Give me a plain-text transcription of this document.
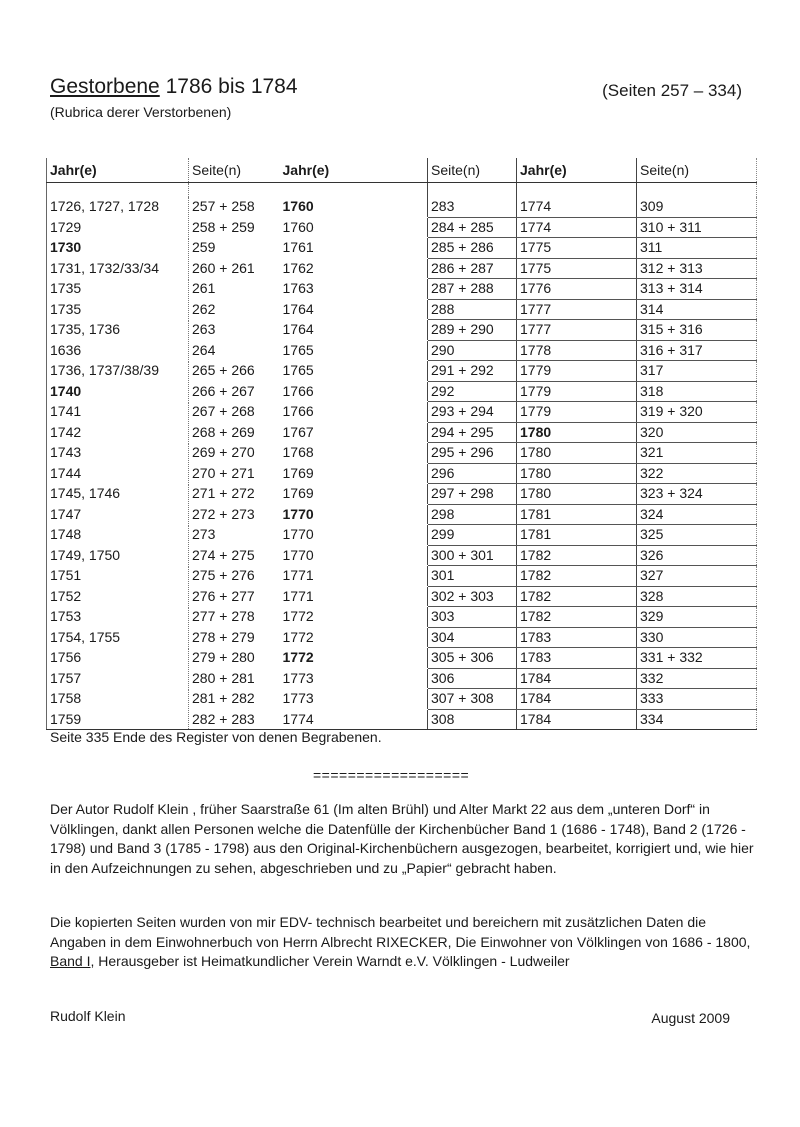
Gestorbene 1786 bis 1784	(Seiten 257 – 334)
(Rubrica derer Verstorbenen)
Jahr(e)	Seite(n)	Jahr(e)	Seite(n)	Jahr(e)	Seite(n)

1726, 1727, 1728	257 + 258	1760	283	1774	309
1729	258 + 259	1760	284 + 285	1774	310 + 311
1730	259	1761	285 + 286	1775	311
1731, 1732/33/34	260 + 261	1762	286 + 287	1775	312 + 313
1735	261	1763	287 + 288	1776	313 + 314
1735	262	1764	288	1777	314
1735, 1736	263	1764	289 + 290	1777	315 + 316
1636	264	1765	290	1778	316 + 317
1736, 1737/38/39	265 + 266	1765	291 + 292	1779	317
1740	266 + 267	1766	292	1779	318
1741	267 + 268	1766	293 + 294	1779	319 + 320
1742	268 + 269	1767	294 + 295	1780	320
1743	269 + 270	1768	295 + 296	1780	321
1744	270 + 271	1769	296	1780	322
1745, 1746	271 + 272	1769	297 + 298	1780	323 + 324
1747	272 + 273	1770	298	1781	324
1748	273	1770	299	1781	325
1749, 1750	274 + 275	1770	300 + 301	1782	326
1751	275 + 276	1771	301	1782	327
1752	276 + 277	1771	302 + 303	1782	328
1753	277 + 278	1772	303	1782	329
1754, 1755	278 + 279	1772	304	1783	330
1756	279 + 280	1772	305 + 306	1783	331 + 332
1757	280 + 281	1773	306	1784	332
1758	281 + 282	1773	307 + 308	1784	333
1759	282 + 283	1774	308	1784	334
Seite 335 Ende des Register von denen Begrabenen.
==================

Der Autor Rudolf Klein , früher Saarstraße 61 (Im alten Brühl) und Alter Markt 22 aus dem „unteren Dorf“ in Völklingen, dankt allen Personen welche die Datenfülle der Kirchenbücher Band 1 (1686 - 1748), Band 2 (1726 - 1798) und Band 3 (1785 - 1798) aus den Original-Kirchenbüchern ausgezogen, bearbeitet, korrigiert und, wie hier in den Aufzeichnungen zu sehen, abgeschrieben und zu „Papier“ gebracht haben.

Die kopierten Seiten wurden von mir EDV- technisch bearbeitet und bereichern mit zusätzlichen Daten die Angaben in dem Einwohnerbuch von Herrn Albrecht RIXECKER, Die Einwohner von Völklingen von 1686 - 1800, Band I, Herausgeber ist Heimatkundlicher Verein Warndt e.V. Völklingen - Ludweiler

Rudolf Klein	August 2009
